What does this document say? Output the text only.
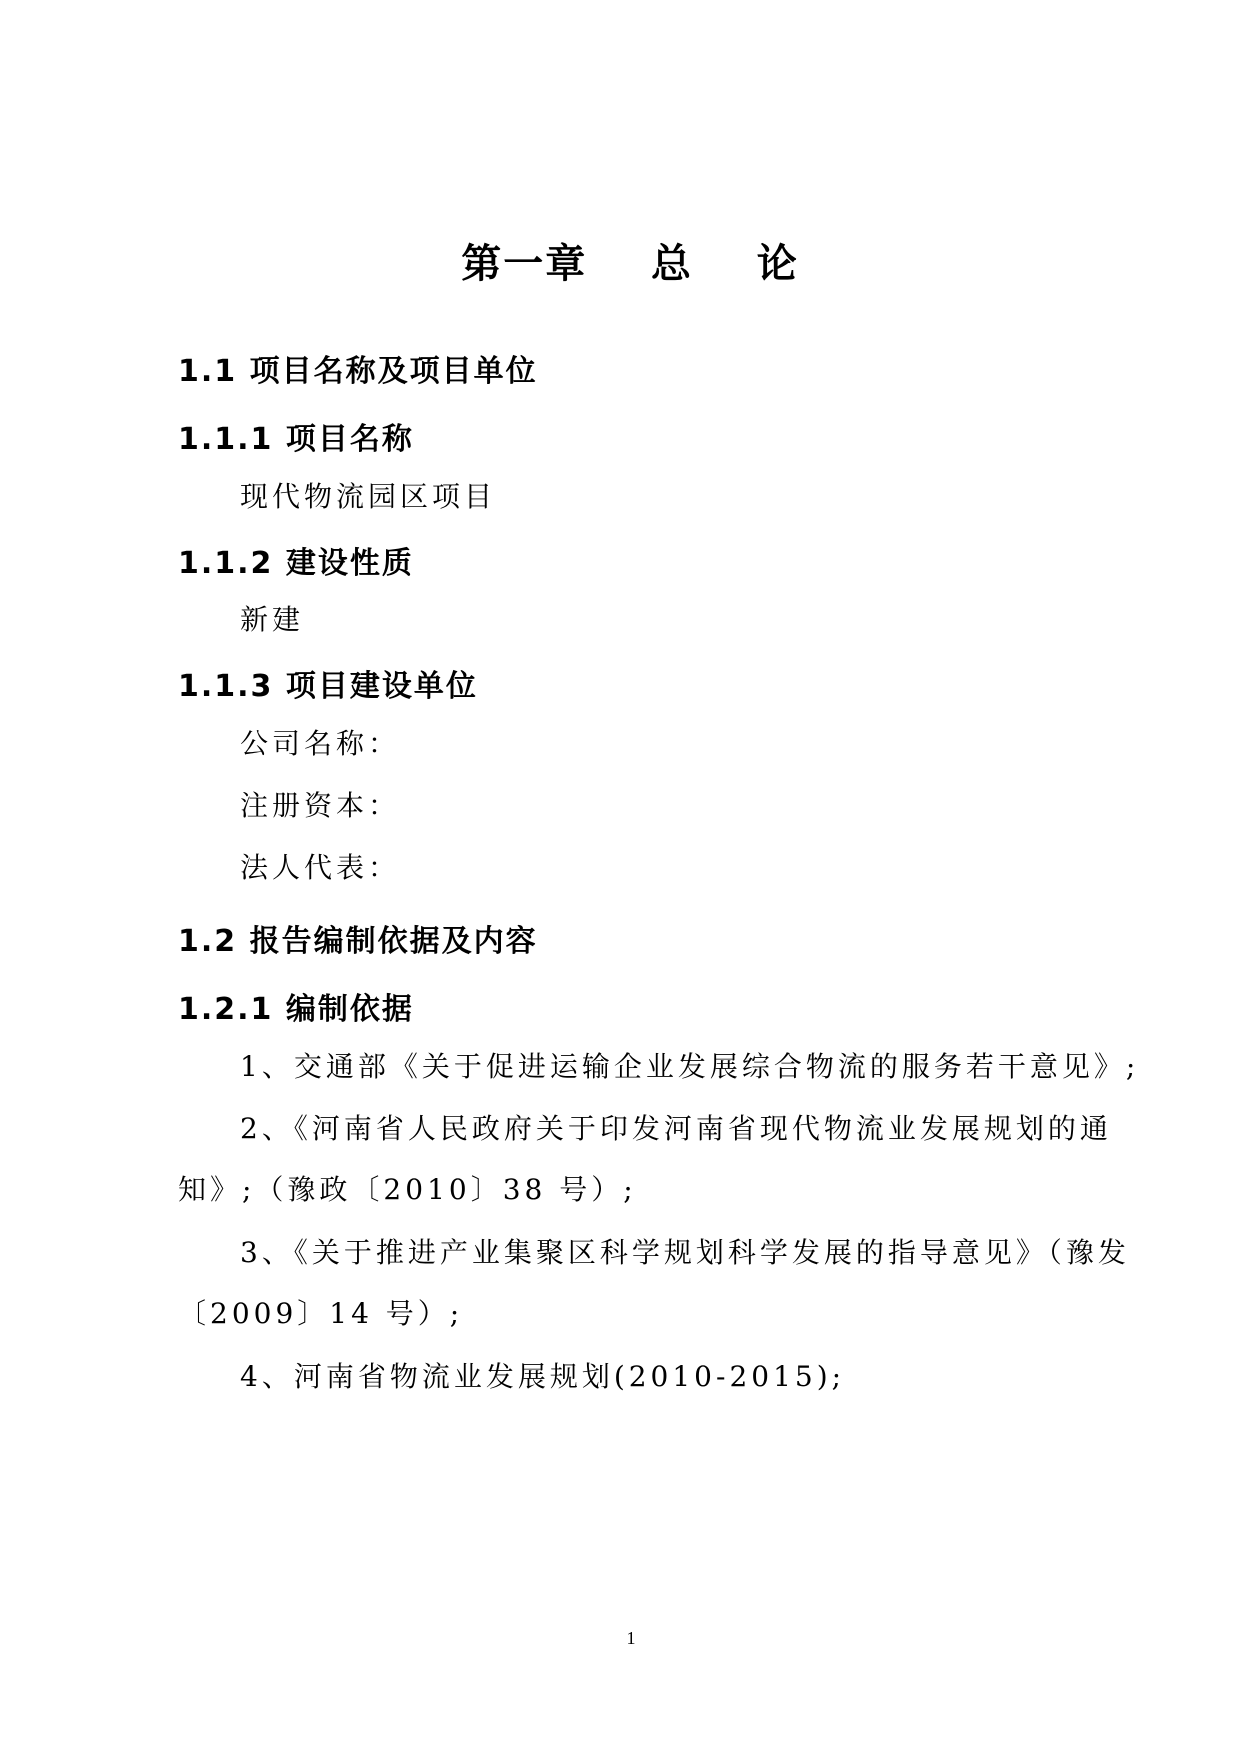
第一章    总    论
1.1 项目名称及项目单位
1.1.1 项目名称
现代物流园区项目
1.1.2 建设性质
新建
1.1.3 项目建设单位
公司名称：
注册资本：
法人代表：
1.2 报告编制依据及内容
1.2.1 编制依据
1、交通部《关于促进运输企业发展综合物流的服务若干意见》;
2、《河南省人民政府关于印发河南省现代物流业发展规划的通
知》;（豫政〔2010〕38 号）;
3、《关于推进产业集聚区科学规划科学发展的指导意见》（豫发
〔2009〕14 号）;
4、河南省物流业发展规划(2010-2015);
1
